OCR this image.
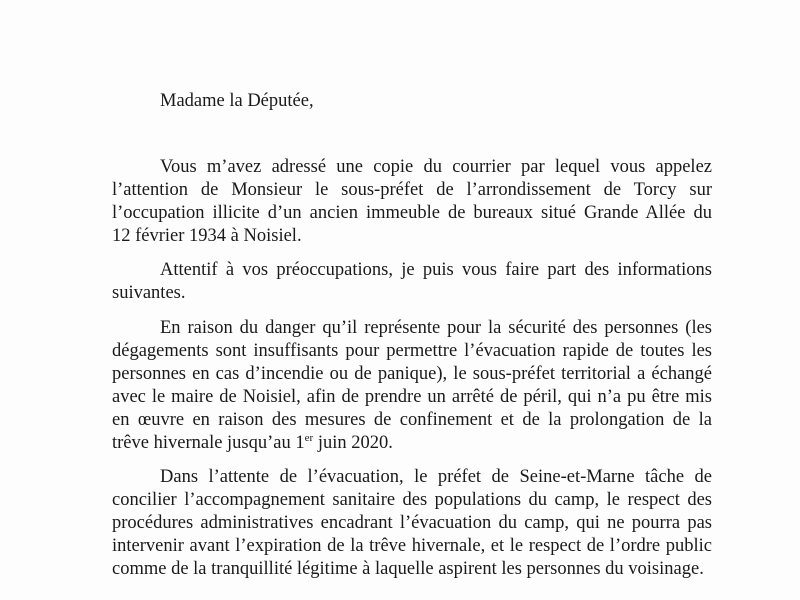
Madame la Députée,

Vous m’avez adressé une copie du courrier par lequel vous appelez
l’attention de Monsieur le sous-préfet de l’arrondissement de Torcy sur
l’occupation illicite d’un ancien immeuble de bureaux situé Grande Allée du
12 février 1934 à Noisiel.
Attentif à vos préoccupations, je puis vous faire part des informations
suivantes.
En raison du danger qu’il représente pour la sécurité des personnes (les
dégagements sont insuffisants pour permettre l’évacuation rapide de toutes les
personnes en cas d’incendie ou de panique), le sous-préfet territorial a échangé
avec le maire de Noisiel, afin de prendre un arrêté de péril, qui n’a pu être mis
en œuvre en raison des mesures de confinement et de la prolongation de la
trêve hivernale jusqu’au 1er juin 2020.
Dans l’attente de l’évacuation, le préfet de Seine-et-Marne tâche de
concilier l’accompagnement sanitaire des populations du camp, le respect des
procédures administratives encadrant l’évacuation du camp, qui ne pourra pas
intervenir avant l’expiration de la trêve hivernale, et le respect de l’ordre public
comme de la tranquillité légitime à laquelle aspirent les personnes du voisinage.
